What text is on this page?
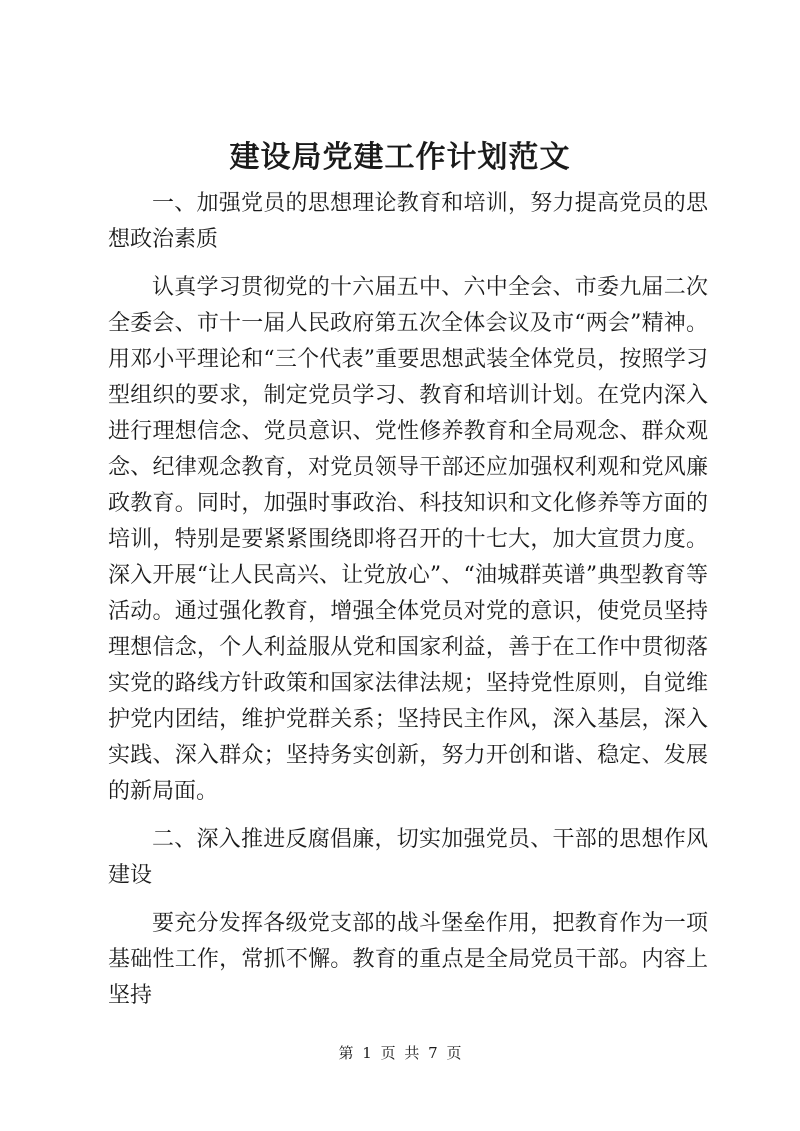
建设局党建工作计划范文

一、加强党员的思想理论教育和培训，努力提高党员的思想政治素质

认真学习贯彻党的十六届五中、六中全会、市委九届二次全委会、市十一届人民政府第五次全体会议及市“两会”精神。用邓小平理论和“三个代表”重要思想武装全体党员，按照学习型组织的要求，制定党员学习、教育和培训计划。在党内深入进行理想信念、党员意识、党性修养教育和全局观念、群众观念、纪律观念教育，对党员领导干部还应加强权利观和党风廉政教育。同时，加强时事政治、科技知识和文化修养等方面的培训，特别是要紧紧围绕即将召开的十七大，加大宣贯力度。深入开展“让人民高兴、让党放心”、“油城群英谱”典型教育等活动。通过强化教育，增强全体党员对党的意识，使党员坚持理想信念，个人利益服从党和国家利益，善于在工作中贯彻落实党的路线方针政策和国家法律法规；坚持党性原则，自觉维护党内团结，维护党群关系；坚持民主作风，深入基层，深入实践、深入群众；坚持务实创新，努力开创和谐、稳定、发展的新局面。

二、深入推进反腐倡廉，切实加强党员、干部的思想作风建设

要充分发挥各级党支部的战斗堡垒作用，把教育作为一项基础性工作，常抓不懈。教育的重点是全局党员干部。内容上坚持

第 1 页 共 7 页
